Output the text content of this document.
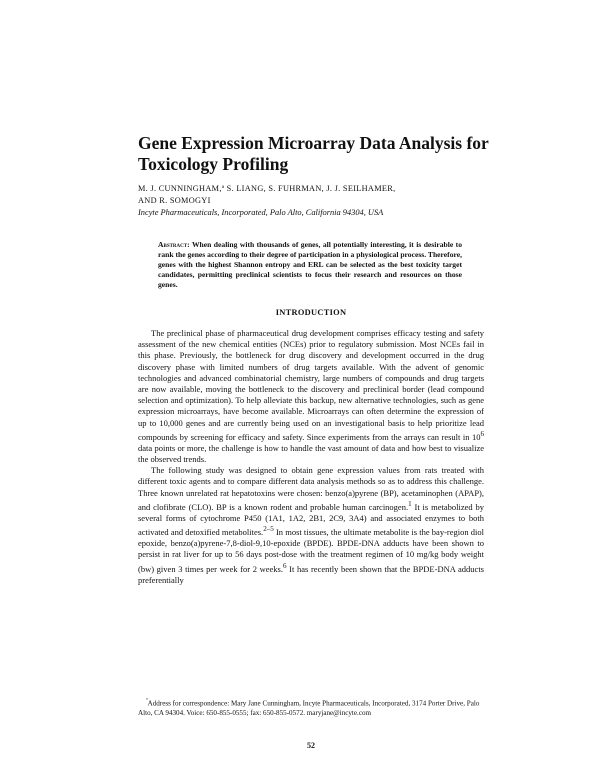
Gene Expression Microarray Data Analysis for Toxicology Profiling
M. J. CUNNINGHAM,ª S. LIANG, S. FUHRMAN, J. J. SEILHAMER,
AND R. SOMOGYI
Incyte Pharmaceuticals, Incorporated, Palo Alto, California 94304, USA

Abstract: When dealing with thousands of genes, all potentially interesting, it is desirable to rank the genes according to their degree of participation in a physiological process. Therefore, genes with the highest Shannon entropy and ERL can be selected as the best toxicity target candidates, permitting preclinical scientists to focus their research and resources on those genes.

INTRODUCTION

The preclinical phase of pharmaceutical drug development comprises efficacy testing and safety assessment of the new chemical entities (NCEs) prior to regulatory submission. Most NCEs fail in this phase. Previously, the bottleneck for drug discovery and development occurred in the drug discovery phase with limited numbers of drug targets available. With the advent of genomic technologies and advanced combinatorial chemistry, large numbers of compounds and drug targets are now available, moving the bottleneck to the discovery and preclinical border (lead compound selection and optimization). To help alleviate this backup, new alternative technologies, such as gene expression microarrays, have become available. Microarrays can often determine the expression of up to 10,000 genes and are currently being used on an investigational basis to help prioritize lead compounds by screening for efficacy and safety. Since experiments from the arrays can result in $10^6$ data points or more, the challenge is how to handle the vast amount of data and how best to visualize the observed trends.

The following study was designed to obtain gene expression values from rats treated with different toxic agents and to compare different data analysis methods so as to address this challenge. Three known unrelated rat hepatotoxins were chosen: benzo(a)pyrene (BP), acetaminophen (APAP), and clofibrate (CLO). BP is a known rodent and probable human carcinogen.$^1$ It is metabolized by several forms of cytochrome P450 (1A1, 1A2, 2B1, 2C9, 3A4) and associated enzymes to both activated and detoxified metabolites.$^{2-5}$ In most tissues, the ultimate metabolite is the bay-region diol epoxide, benzo(a)pyrene-7,8-diol-9,10-epoxide (BPDE). BPDE-DNA adducts have been shown to persist in rat liver for up to 56 days post-dose with the treatment regimen of 10 mg/kg body weight (bw) given 3 times per week for 2 weeks.$^6$ It has recently been shown that the BPDE-DNA adducts preferentially

$^ª$Address for correspondence: Mary Jane Cunningham, Incyte Pharmaceuticals, Incorporated, 3174 Porter Drive, Palo Alto, CA 94304. Voice: 650-855-0555; fax: 650-855-0572. maryjane@incyte.com

52
